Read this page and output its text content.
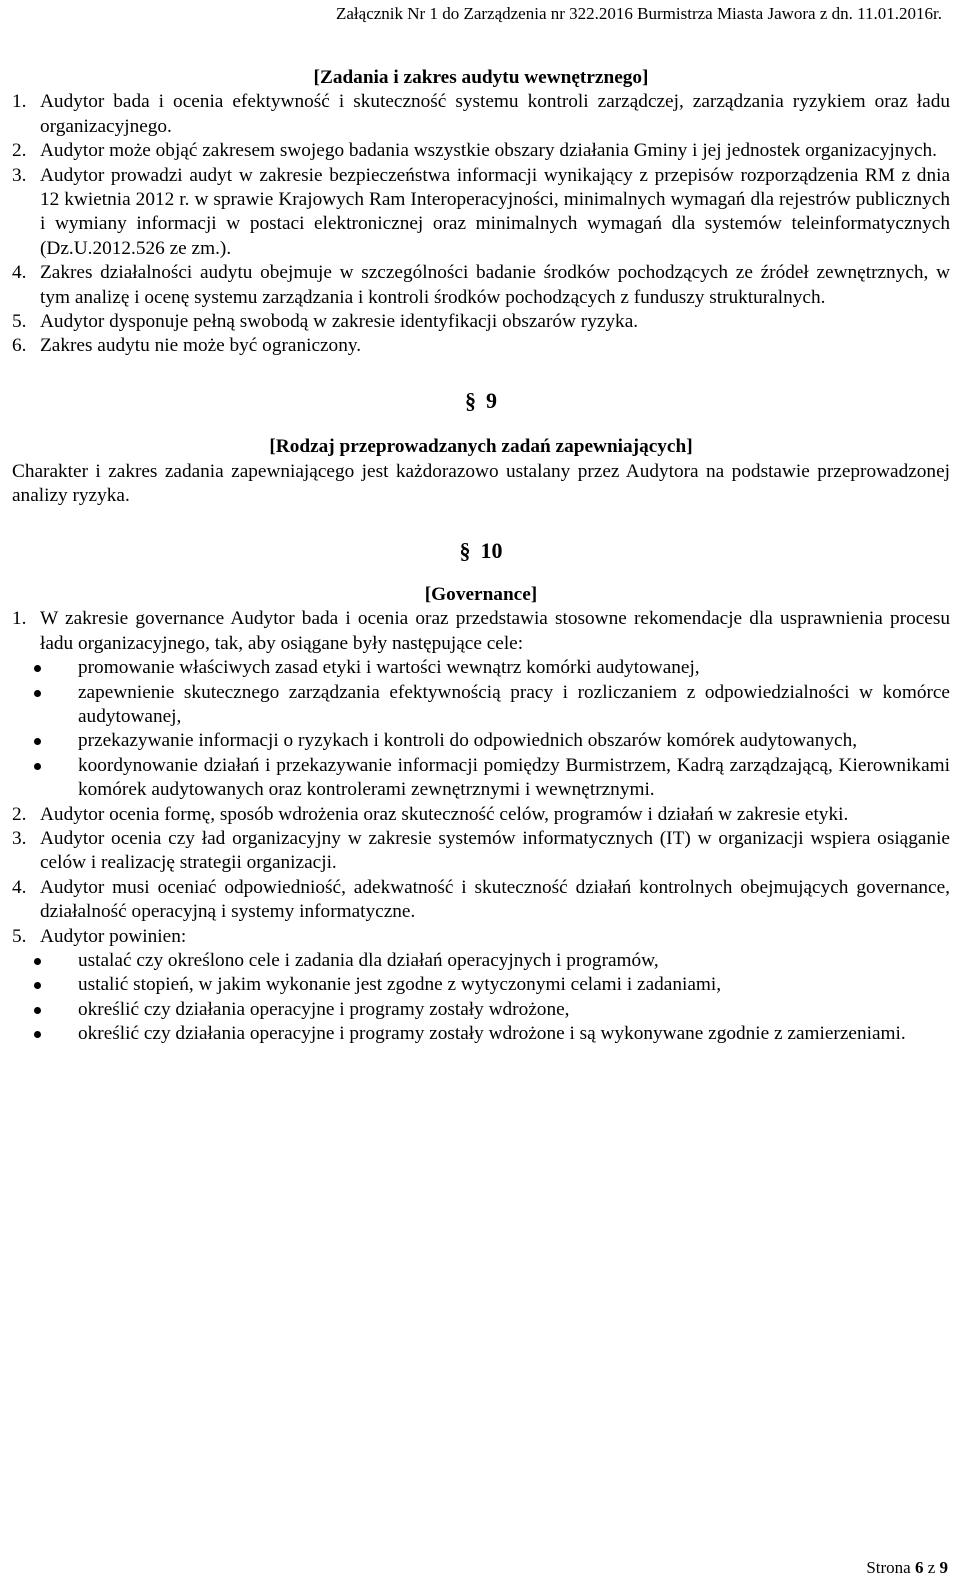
Załącznik Nr 1 do Zarządzenia nr 322.2016 Burmistrza Miasta Jawora z dn. 11.01.2016r.
[Zadania i zakres audytu wewnętrznego]
1. Audytor bada i ocenia efektywność i skuteczność systemu kontroli zarządczej, zarządzania ryzykiem oraz ładu organizacyjnego.
2. Audytor może objąć zakresem swojego badania wszystkie obszary działania Gminy i jej jednostek organizacyjnych.
3. Audytor prowadzi audyt w zakresie bezpieczeństwa informacji wynikający z przepisów rozporządzenia RM z dnia 12 kwietnia 2012 r. w sprawie Krajowych Ram Interoperacyjności, minimalnych wymagań dla rejestrów publicznych i wymiany informacji w postaci elektronicznej oraz minimalnych wymagań dla systemów teleinformatycznych (Dz.U.2012.526 ze zm.).
4. Zakres działalności audytu obejmuje w szczególności badanie środków pochodzących ze źródeł zewnętrznych, w tym analizę i ocenę systemu zarządzania i kontroli środków pochodzących z funduszy strukturalnych.
5. Audytor dysponuje pełną swobodą w zakresie identyfikacji obszarów ryzyka.
6. Zakres audytu nie może być ograniczony.
§ 9
[Rodzaj przeprowadzanych zadań zapewniających]

Charakter i zakres zadania zapewniającego jest każdorazowo ustalany przez Audytora na podstawie przeprowadzonej analizy ryzyka.

§ 10
[Governance]
1. W zakresie governance Audytor bada i ocenia oraz przedstawia stosowne rekomendacje dla usprawnienia procesu ładu organizacyjnego, tak, aby osiągane były następujące cele:
promowanie właściwych zasad etyki i wartości wewnątrz komórki audytowanej,
zapewnienie skutecznego zarządzania efektywnością pracy i rozliczaniem z odpowiedzialności w komórce audytowanej,
przekazywanie informacji o ryzykach i kontroli do odpowiednich obszarów komórek audytowanych,
koordynowanie działań i przekazywanie informacji pomiędzy Burmistrzem, Kadrą zarządzającą, Kierownikami komórek audytowanych oraz kontrolerami zewnętrznymi i wewnętrznymi.
2. Audytor ocenia formę, sposób wdrożenia oraz skuteczność celów, programów i działań w zakresie etyki.
3. Audytor ocenia czy ład organizacyjny w zakresie systemów informatycznych (IT) w organizacji wspiera osiąganie celów i realizację strategii organizacji.
4. Audytor musi oceniać odpowiedniość, adekwatność i skuteczność działań kontrolnych obejmujących governance, działalność operacyjną i systemy informatyczne.
5. Audytor powinien:
ustalać czy określono cele i zadania dla działań operacyjnych i programów,
ustalić stopień, w jakim wykonanie jest zgodne z wytyczonymi celami i zadaniami,
określić czy działania operacyjne i programy zostały wdrożone,
określić czy działania operacyjne i programy zostały wdrożone i są wykonywane zgodnie z zamierzeniami.
Strona 6 z 9
